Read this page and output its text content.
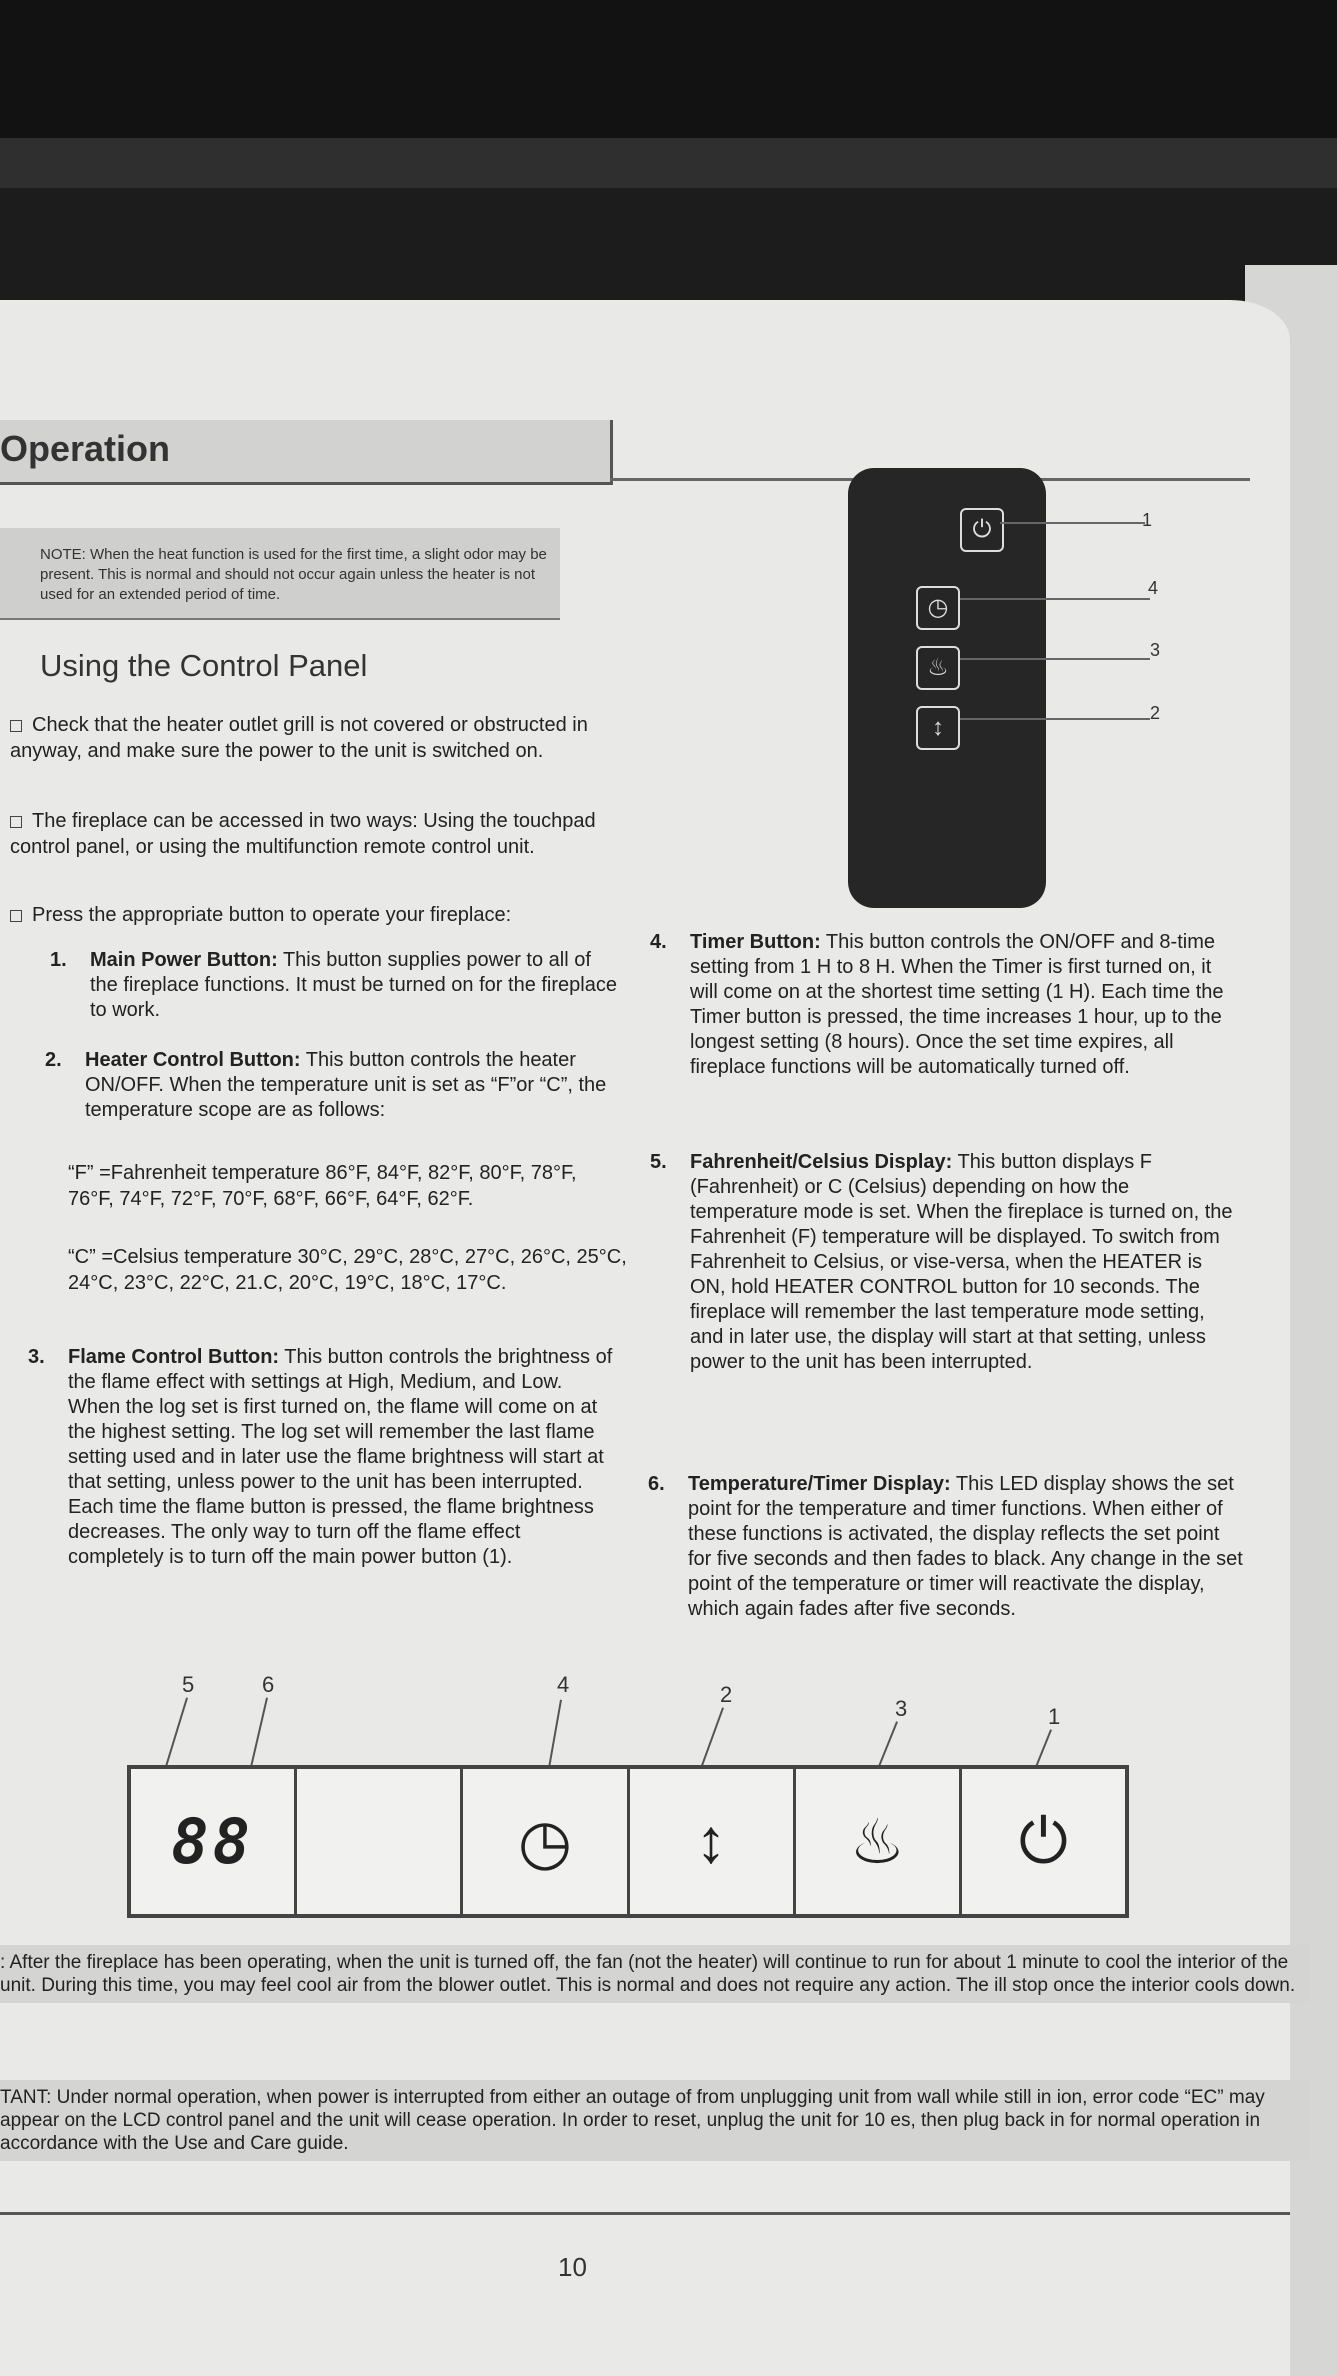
Operation
NOTE: When the heat function is used for the first time, a slight odor may be present. This is normal and should not occur again unless the heater is not used for an extended period of time.
Using the Control Panel
Check that the heater outlet grill is not covered or obstructed in anyway, and make sure the power to the unit is switched on.
The fireplace can be accessed in two ways: Using the touchpad control panel, or using the multifunction remote control unit.
Press the appropriate button to operate your fireplace:
1. Main Power Button: This button supplies power to all of the fireplace functions. It must be turned on for the fireplace to work.
2. Heater Control Button: This button controls the heater ON/OFF. When the temperature unit is set as “F”or “C”, the temperature scope are as follows:
“F” =Fahrenheit temperature 86°F, 84°F, 82°F, 80°F, 78°F, 76°F, 74°F, 72°F, 70°F, 68°F, 66°F, 64°F, 62°F.
“C” =Celsius temperature 30°C, 29°C, 28°C, 27°C, 26°C, 25°C, 24°C, 23°C, 22°C, 21.C, 20°C, 19°C, 18°C, 17°C.
3. Flame Control Button: This button controls the brightness of the flame effect with settings at High, Medium, and Low. When the log set is first turned on, the flame will come on at the highest setting. The log set will remember the last flame setting used and in later use the flame brightness will start at that setting, unless power to the unit has been interrupted. Each time the flame button is pressed, the flame brightness decreases. The only way to turn off the flame effect completely is to turn off the main power button (1).
⏻
◷
♨
↕
1
4
3
2
4. Timer Button: This button controls the ON/OFF and 8-time setting from 1 H to 8 H. When the Timer is first turned on, it will come on at the shortest time setting (1 H). Each time the Timer button is pressed, the time increases 1 hour, up to the longest setting (8 hours). Once the set time expires, all fireplace functions will be automatically turned off.
5. Fahrenheit/Celsius Display: This button displays F (Fahrenheit) or C (Celsius) depending on how the temperature mode is set. When the fireplace is turned on, the Fahrenheit (F) temperature will be displayed. To switch from Fahrenheit to Celsius, or vise-versa, when the HEATER is ON, hold HEATER CONTROL button for 10 seconds. The fireplace will remember the last temperature mode setting, and in later use, the display will start at that setting, unless power to the unit has been interrupted.
6. Temperature/Timer Display: This LED display shows the set point for the temperature and timer functions. When either of these functions is activated, the display reflects the set point for five seconds and then fades to black. Any change in the set point of the temperature or timer will reactivate the display, which again fades after five seconds.
5	6	4	2
3	1
88	◷	↕	♨	⏻
: After the fireplace has been operating, when the unit is turned off, the fan (not the heater) will continue to run for about 1 minute to cool the interior of the unit. During this time, you may feel cool air from the blower outlet. This is normal and does not require any action. The ill stop once the interior cools down.
TANT: Under normal operation, when power is interrupted from either an outage of from unplugging unit from wall while still in ion, error code “EC” may appear on the LCD control panel and the unit will cease operation. In order to reset, unplug the unit for 10 es, then plug back in for normal operation in accordance with the Use and Care guide.
10
